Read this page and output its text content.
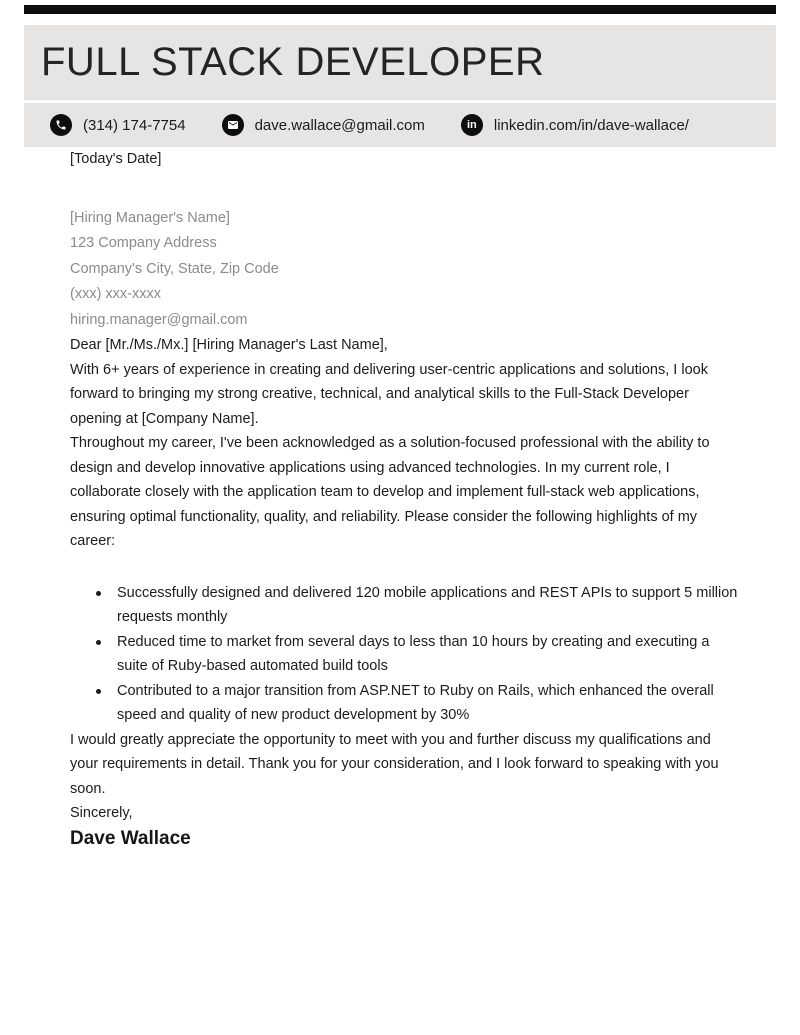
FULL STACK DEVELOPER
(314) 174-7754	dave.wallace@gmail.com	in linkedin.com/in/dave-wallace/

[Today's Date]

[Hiring Manager's Name]
123 Company Address
Company's City, State, Zip Code
(xxx) xxx-xxxx
hiring.manager@gmail.com

Dear [Mr./Ms./Mx.] [Hiring Manager's Last Name],

With 6+ years of experience in creating and delivering user-centric applications and solutions, I look forward to bringing my strong creative, technical, and analytical skills to the Full-Stack Developer opening at [Company Name].

Throughout my career, I've been acknowledged as a solution-focused professional with the ability to design and develop innovative applications using advanced technologies. In my current role, I collaborate closely with the application team to develop and implement full-stack web applications, ensuring optimal functionality, quality, and reliability. Please consider the following highlights of my career:

Successfully designed and delivered 120 mobile applications and REST APIs to support 5 million requests monthly
Reduced time to market from several days to less than 10 hours by creating and executing a suite of Ruby-based automated build tools
Contributed to a major transition from ASP.NET to Ruby on Rails, which enhanced the overall speed and quality of new product development by 30%

I would greatly appreciate the opportunity to meet with you and further discuss my qualifications and your requirements in detail. Thank you for your consideration, and I look forward to speaking with you soon.

Sincerely,

Dave Wallace
